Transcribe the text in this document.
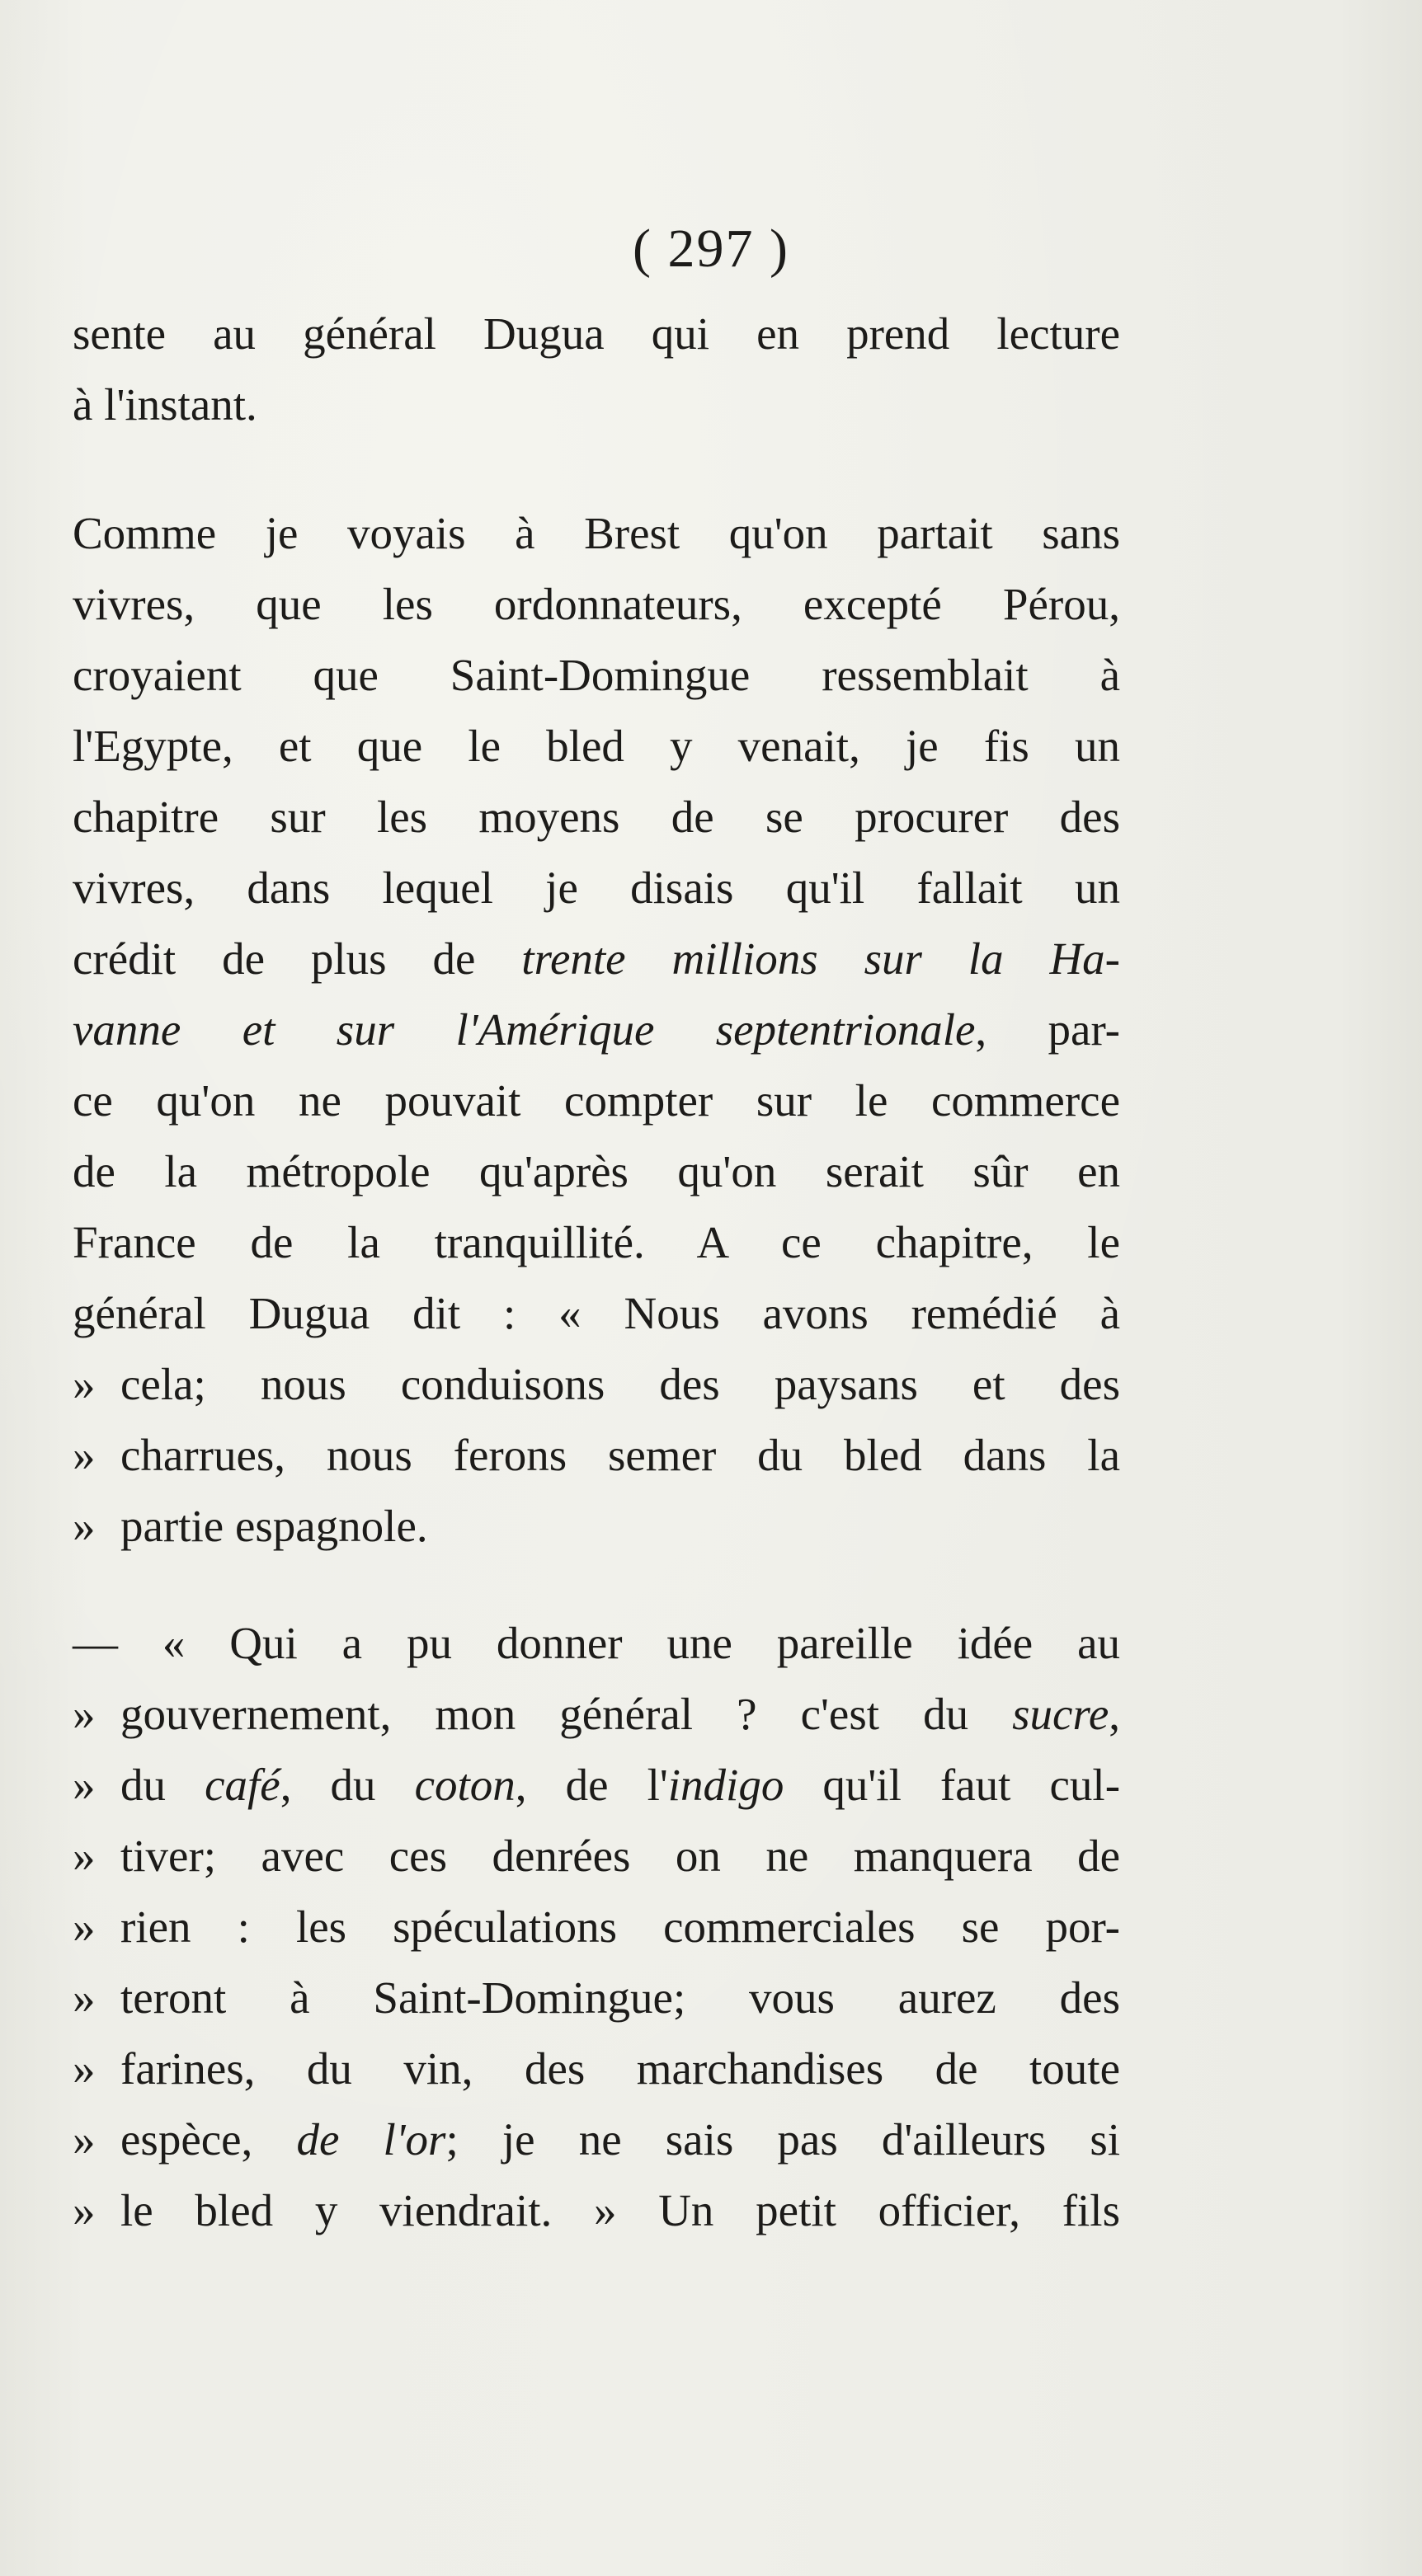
( 297 )
sente au général Dugua qui en prend lecture
à l'instant.
Comme je voyais à Brest qu'on partait sans
vivres, que les ordonnateurs, excepté Pérou,
croyaient que Saint-Domingue ressemblait à
l'Egypte, et que le bled y venait, je fis un
chapitre sur les moyens de se procurer des
vivres, dans lequel je disais qu'il fallait un
crédit de plus de trente millions sur la Ha-
vanne et sur l'Amérique septentrionale, par-
ce qu'on ne pouvait compter sur le commerce
de la métropole qu'après qu'on serait sûr en
France de la tranquillité. A ce chapitre, le
général Dugua dit : « Nous avons remédié à
» cela; nous conduisons des paysans et des
» charrues, nous ferons semer du bled dans la
» partie espagnole.
— « Qui a pu donner une pareille idée au
» gouvernement, mon général ? c'est du sucre,
» du café, du coton, de l'indigo qu'il faut cul-
» tiver; avec ces denrées on ne manquera de
» rien : les spéculations commerciales se por-
» teront à Saint-Domingue; vous aurez des
» farines, du vin, des marchandises de toute
» espèce, de l'or; je ne sais pas d'ailleurs si
» le bled y viendrait. » Un petit officier, fils
